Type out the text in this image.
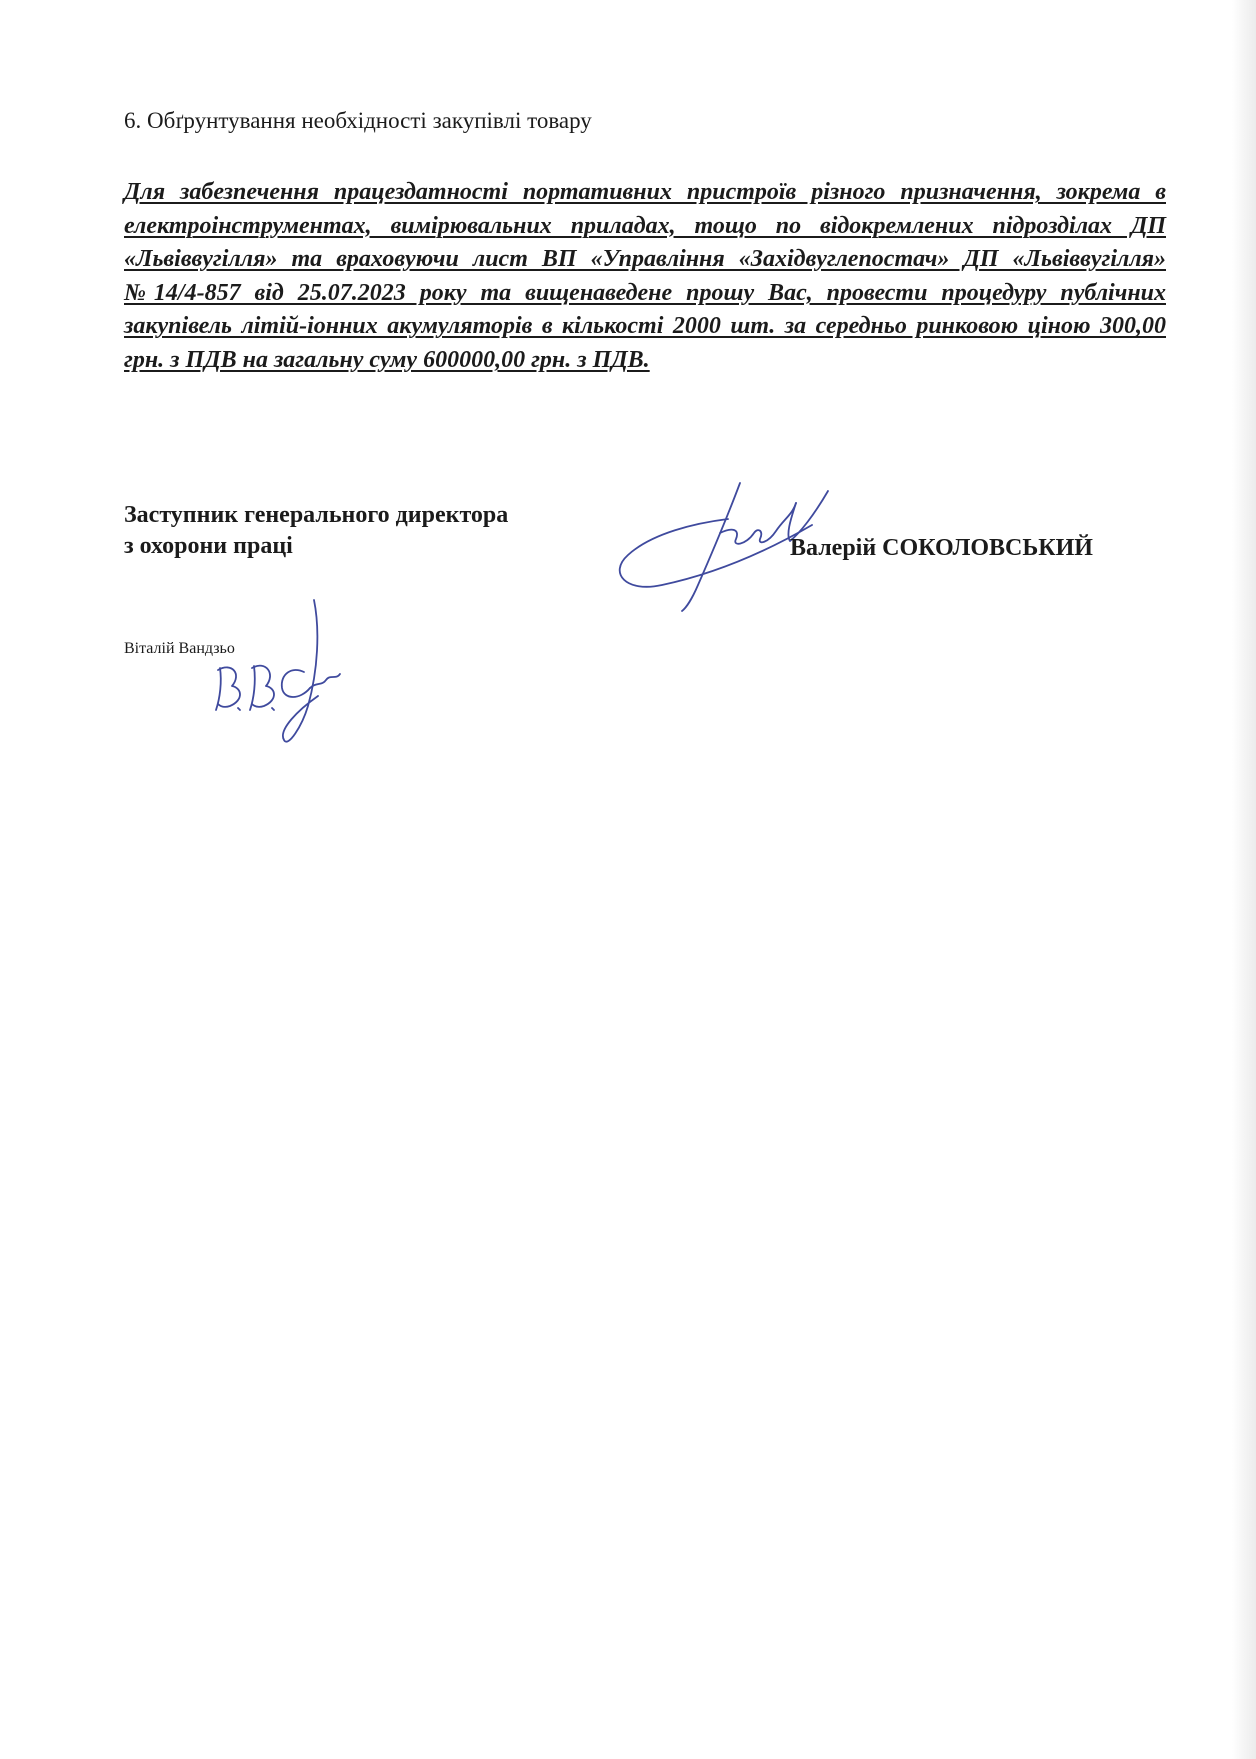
6. Обґрунтування необхідності закупівлі товару

Для забезпечення працездатності портативних пристроїв різного призначення, зокрема в електроінструментах, вимірювальних приладах, тощо по відокремлених підрозділах ДП «Львіввугілля» та враховуючи лист ВП «Управління «Західвуглепостач» ДП «Львіввугілля» №14/4-857 від 25.07.2023 року та вищенаведене прошу Вас, провести процедуру публічних закупівель літій-іонних акумуляторів в кількості 2000 шт. за середньо ринковою ціною 300,00 грн. з ПДВ на загальну суму 600000,00 грн. з ПДВ.

Заступник генерального директора
з охорони праці	Валерій СОКОЛОВСЬКИЙ
Віталій Вандзьо
